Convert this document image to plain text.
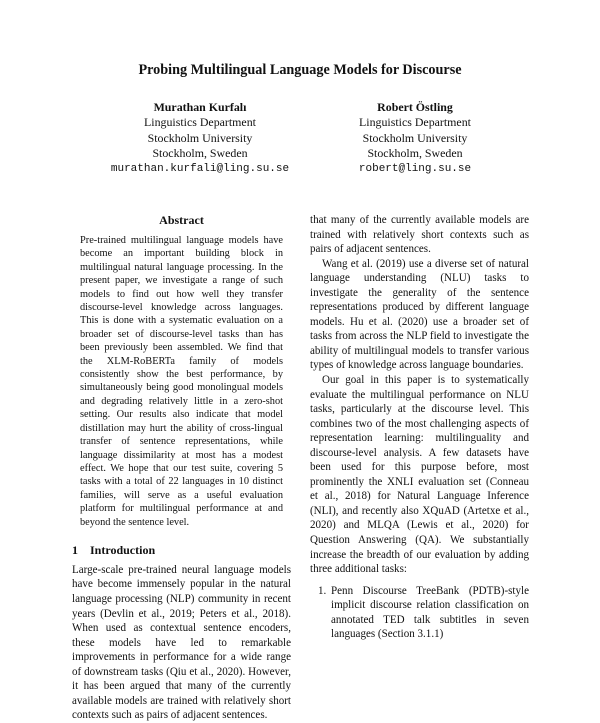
Probing Multilingual Language Models for Discourse
Murathan Kurfalı
Linguistics Department
Stockholm University
Stockholm, Sweden
murathan.kurfali@ling.su.se
Robert Östling
Linguistics Department
Stockholm University
Stockholm, Sweden
robert@ling.su.se
Abstract

Pre-trained multilingual language models have become an important building block in multilingual natural language processing. In the present paper, we investigate a range of such models to find out how well they transfer discourse-level knowledge across languages. This is done with a systematic evaluation on a broader set of discourse-level tasks than has been previously been assembled. We find that the XLM-RoBERTa family of models consistently show the best performance, by simultaneously being good monolingual models and degrading relatively little in a zero-shot setting. Our results also indicate that model distillation may hurt the ability of cross-lingual transfer of sentence representations, while language dissimilarity at most has a modest effect. We hope that our test suite, covering 5 tasks with a total of 22 languages in 10 distinct families, will serve as a useful evaluation platform for multilingual performance at and beyond the sentence level.

1 Introduction

Large-scale pre-trained neural language models have become immensely popular in the natural language processing (NLP) community in recent years (Devlin et al., 2019; Peters et al., 2018). When used as contextual sentence encoders, these models have led to remarkable improvements in performance for a wide range of downstream tasks (Qiu et al., 2020). However, it has been argued that many of the currently available models are trained with relatively short contexts such as pairs of adjacent sentences.

that many of the currently available models are trained with relatively short contexts such as pairs of adjacent sentences.

Wang et al. (2019) use a diverse set of natural language understanding (NLU) tasks to investigate the generality of the sentence representations produced by different language models. Hu et al. (2020) use a broader set of tasks from across the NLP field to investigate the ability of multilingual models to transfer various types of knowledge across language boundaries.

Our goal in this paper is to systematically evaluate the multilingual performance on NLU tasks, particularly at the discourse level. This combines two of the most challenging aspects of representation learning: multilinguality and discourse-level analysis. A few datasets have been used for this purpose before, most prominently the XNLI evaluation set (Conneau et al., 2018) for Natural Language Inference (NLI), and recently also XQuAD (Artetxe et al., 2020) and MLQA (Lewis et al., 2020) for Question Answering (QA). We substantially increase the breadth of our evaluation by adding three additional tasks:

1. Penn Discourse TreeBank (PDTB)-style implicit discourse relation classification on annotated TED talk subtitles in seven languages (Section 3.1.1)
